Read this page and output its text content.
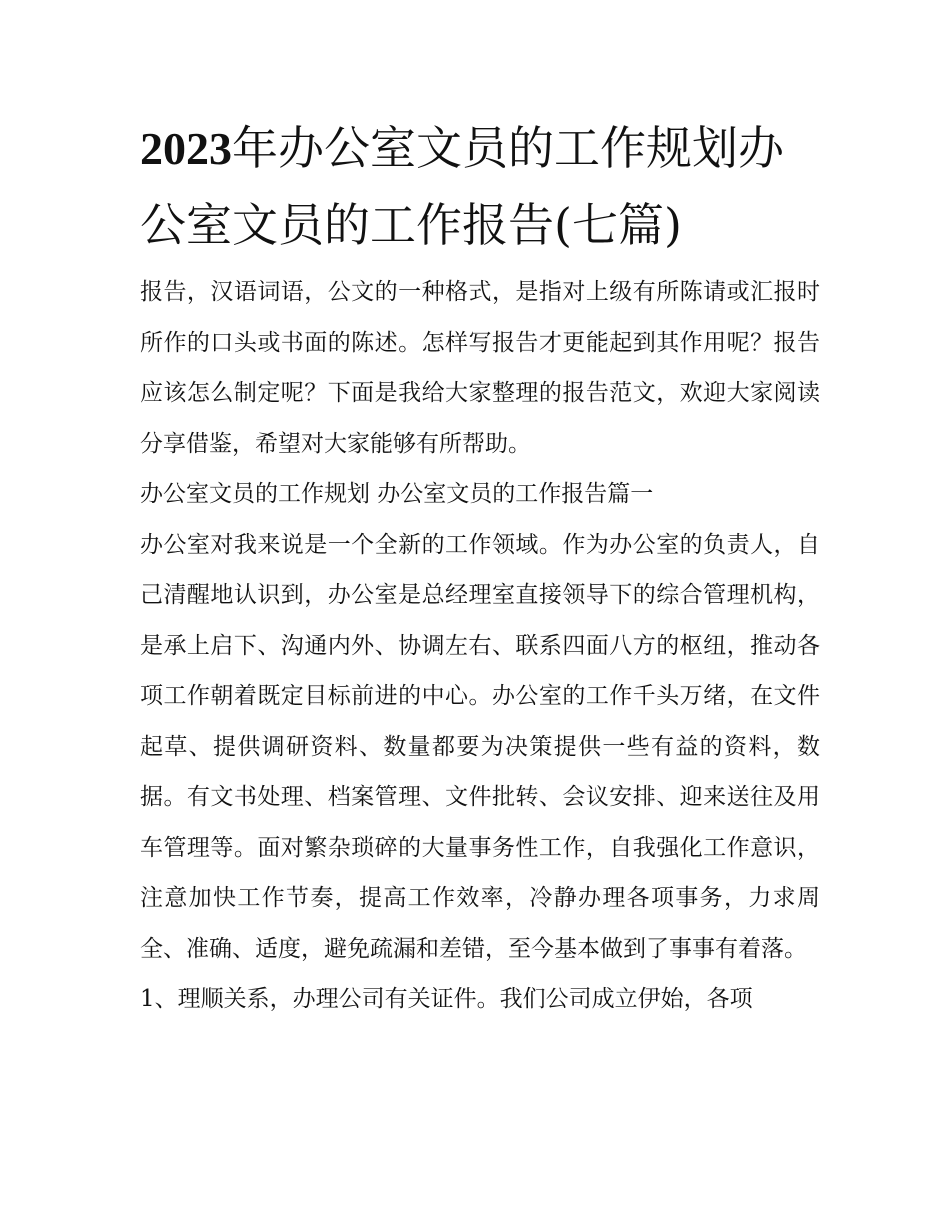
2023年办公室文员的工作规划办公室文员的工作报告(七篇)

报告，汉语词语，公文的一种格式，是指对上级有所陈请或汇报时所作的口头或书面的陈述。怎样写报告才更能起到其作用呢？报告应该怎么制定呢？下面是我给大家整理的报告范文，欢迎大家阅读分享借鉴，希望对大家能够有所帮助。

办公室文员的工作规划 办公室文员的工作报告篇一

办公室对我来说是一个全新的工作领域。作为办公室的负责人，自己清醒地认识到，办公室是总经理室直接领导下的综合管理机构，是承上启下、沟通内外、协调左右、联系四面八方的枢纽，推动各项工作朝着既定目标前进的中心。办公室的工作千头万绪，在文件起草、提供调研资料、数量都要为决策提供一些有益的资料，数据。有文书处理、档案管理、文件批转、会议安排、迎来送往及用车管理等。面对繁杂琐碎的大量事务性工作，自我强化工作意识，注意加快工作节奏，提高工作效率，冷静办理各项事务，力求周全、准确、适度，避免疏漏和差错，至今基本做到了事事有着落。

1、理顺关系，办理公司有关证件。我们公司成立伊始，各项
